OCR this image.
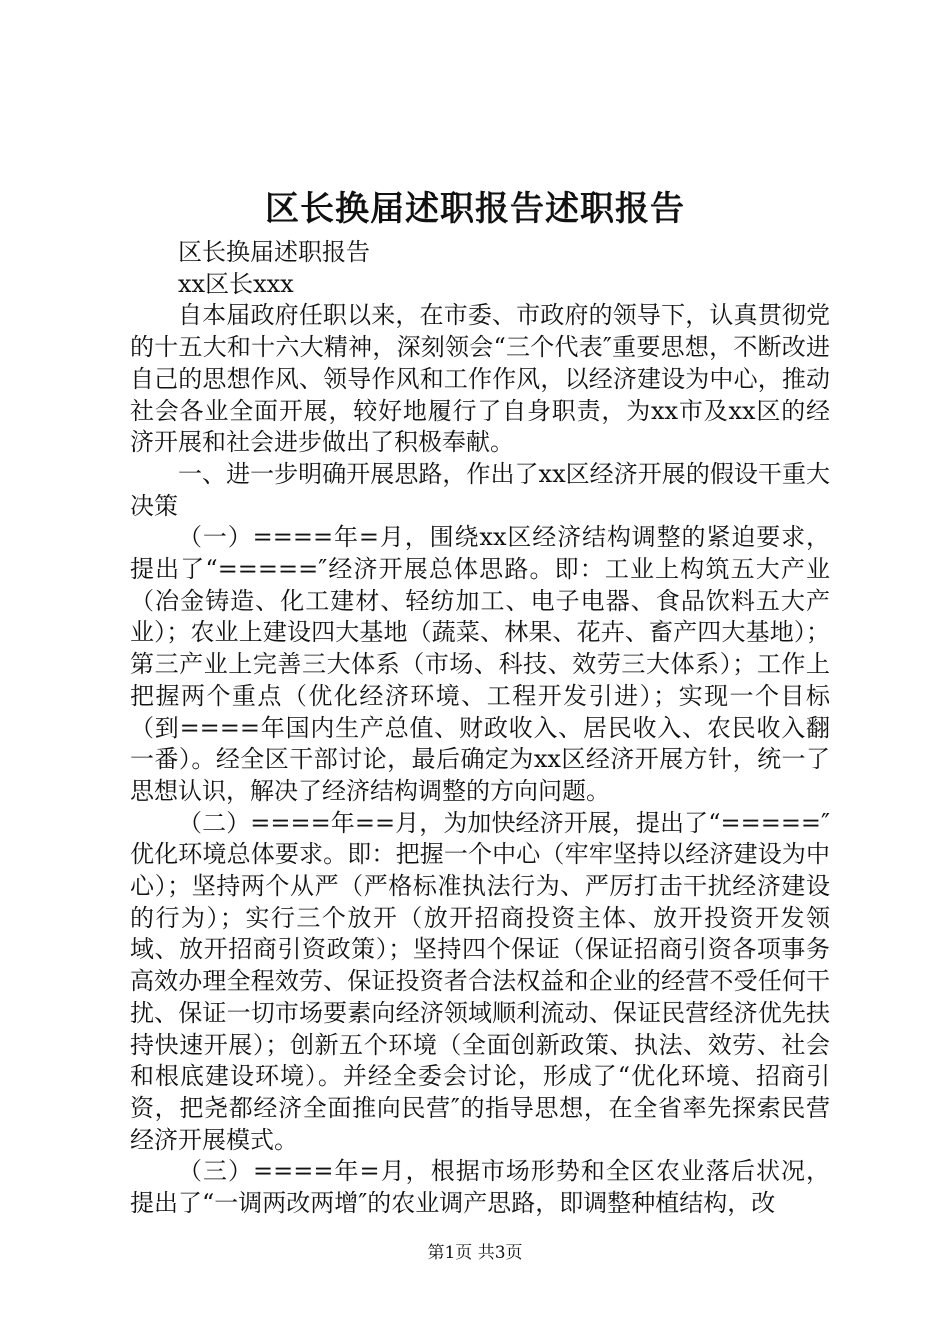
区长换届述职报告述职报告

区长换届述职报告

xx区长xxx

自本届政府任职以来，在市委、市政府的领导下，认真贯彻党的十五大和十六大精神，深刻领会“三个代表″重要思想，不断改进自己的思想作风、领导作风和工作作风，以经济建设为中心，推动社会各业全面开展，较好地履行了自身职责，为xx市及xx区的经济开展和社会进步做出了积极奉献。

一、进一步明确开展思路，作出了xx区经济开展的假设干重大决策

（一）====年=月，围绕xx区经济结构调整的紧迫要求，提出了“=====″经济开展总体思路。即：工业上构筑五大产业（冶金铸造、化工建材、轻纺加工、电子电器、食品饮料五大产业）；农业上建设四大基地（蔬菜、林果、花卉、畜产四大基地）；第三产业上完善三大体系（市场、科技、效劳三大体系）；工作上把握两个重点（优化经济环境、工程开发引进）；实现一个目标（到====年国内生产总值、财政收入、居民收入、农民收入翻一番）。经全区干部讨论，最后确定为xx区经济开展方针，统一了思想认识，解决了经济结构调整的方向问题。

（二）====年==月，为加快经济开展，提出了“=====″优化环境总体要求。即：把握一个中心（牢牢坚持以经济建设为中心）；坚持两个从严（严格标准执法行为、严厉打击干扰经济建设的行为）；实行三个放开（放开招商投资主体、放开投资开发领域、放开招商引资政策）；坚持四个保证（保证招商引资各项事务高效办理全程效劳、保证投资者合法权益和企业的经营不受任何干扰、保证一切市场要素向经济领域顺利流动、保证民营经济优先扶持快速开展）；创新五个环境（全面创新政策、执法、效劳、社会和根底建设环境）。并经全委会讨论，形成了“优化环境、招商引资，把尧都经济全面推向民营″的指导思想，在全省率先探索民营经济开展模式。

（三）====年=月，根据市场形势和全区农业落后状况，提出了“一调两改两增″的农业调产思路，即调整种植结构，改

第1页 共3页
